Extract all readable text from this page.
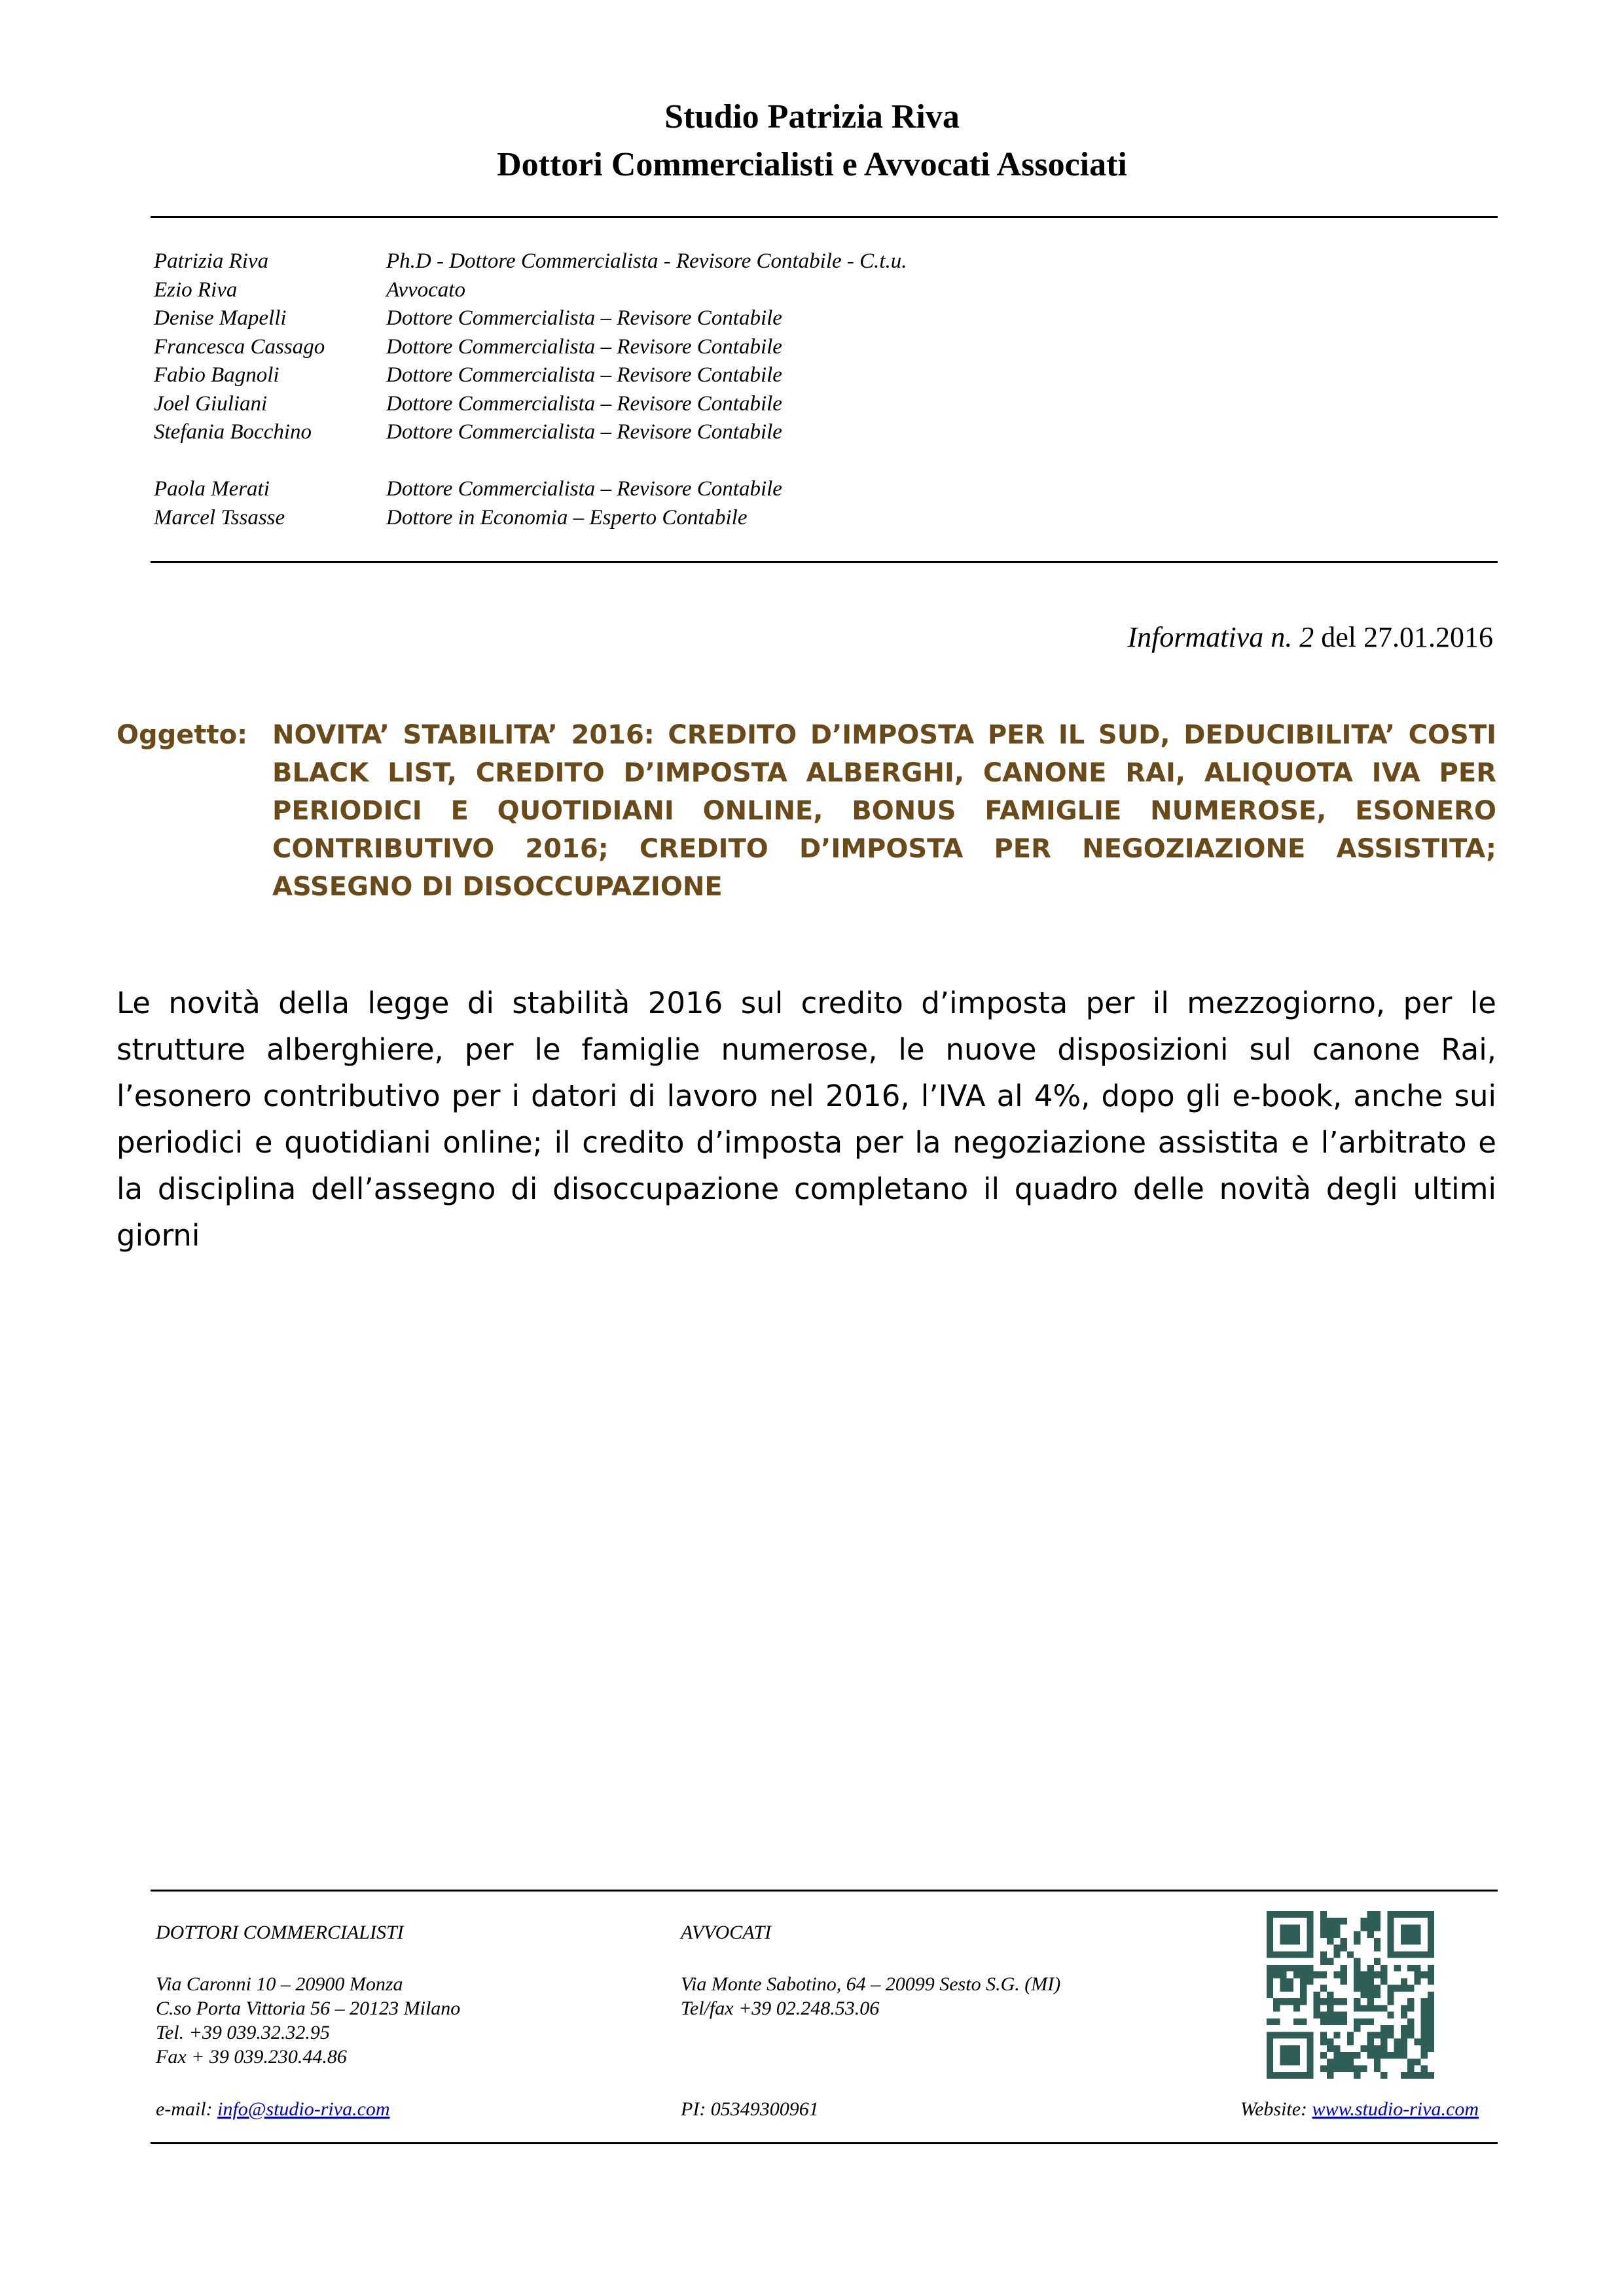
Studio Patrizia Riva
Dottori Commercialisti e Avvocati Associati
Patrizia Riva	Ph.D - Dottore Commercialista - Revisore Contabile - C.t.u.
Ezio Riva	Avvocato
Denise Mapelli	Dottore Commercialista – Revisore Contabile
Francesca Cassago	Dottore Commercialista – Revisore Contabile
Fabio Bagnoli	Dottore Commercialista – Revisore Contabile
Joel Giuliani	Dottore Commercialista – Revisore Contabile
Stefania Bocchino	Dottore Commercialista – Revisore Contabile
Paola Merati	Dottore Commercialista – Revisore Contabile
Marcel Tssasse	Dottore in Economia – Esperto Contabile
Informativa n. 2 del 27.01.2016
Oggetto: NOVITA’ STABILITA’ 2016: CREDITO D’IMPOSTA PER IL SUD, DEDUCIBILITA’ COSTI BLACK LIST, CREDITO D’IMPOSTA ALBERGHI, CANONE RAI, ALIQUOTA IVA PER PERIODICI E QUOTIDIANI ONLINE, BONUS FAMIGLIE NUMEROSE, ESONERO CONTRIBUTIVO 2016; CREDITO D’IMPOSTA PER NEGOZIAZIONE ASSISTITA; ASSEGNO DI DISOCCUPAZIONE
Le novità della legge di stabilità 2016 sul credito d’imposta per il mezzogiorno, per le strutture alberghiere, per le famiglie numerose, le nuove disposizioni sul canone Rai, l’esonero contributivo per i datori di lavoro nel 2016, l’IVA al 4%, dopo gli e-book, anche sui periodici e quotidiani online; il credito d’imposta per la negoziazione assistita e l’arbitrato e la disciplina dell’assegno di disoccupazione completano il quadro delle novità degli ultimi giorni
DOTTORI COMMERCIALISTI
Via Caronni 10 – 20900 Monza
C.so Porta Vittoria 56 – 20123 Milano
Tel. +39 039.32.32.95
Fax + 39 039.230.44.86
AVVOCATI
Via Monte Sabotino, 64 – 20099 Sesto S.G. (MI)
Tel/fax +39 02.248.53.06
e-mail: info@studio-riva.com	PI: 05349300961	Website: www.studio-riva.com
